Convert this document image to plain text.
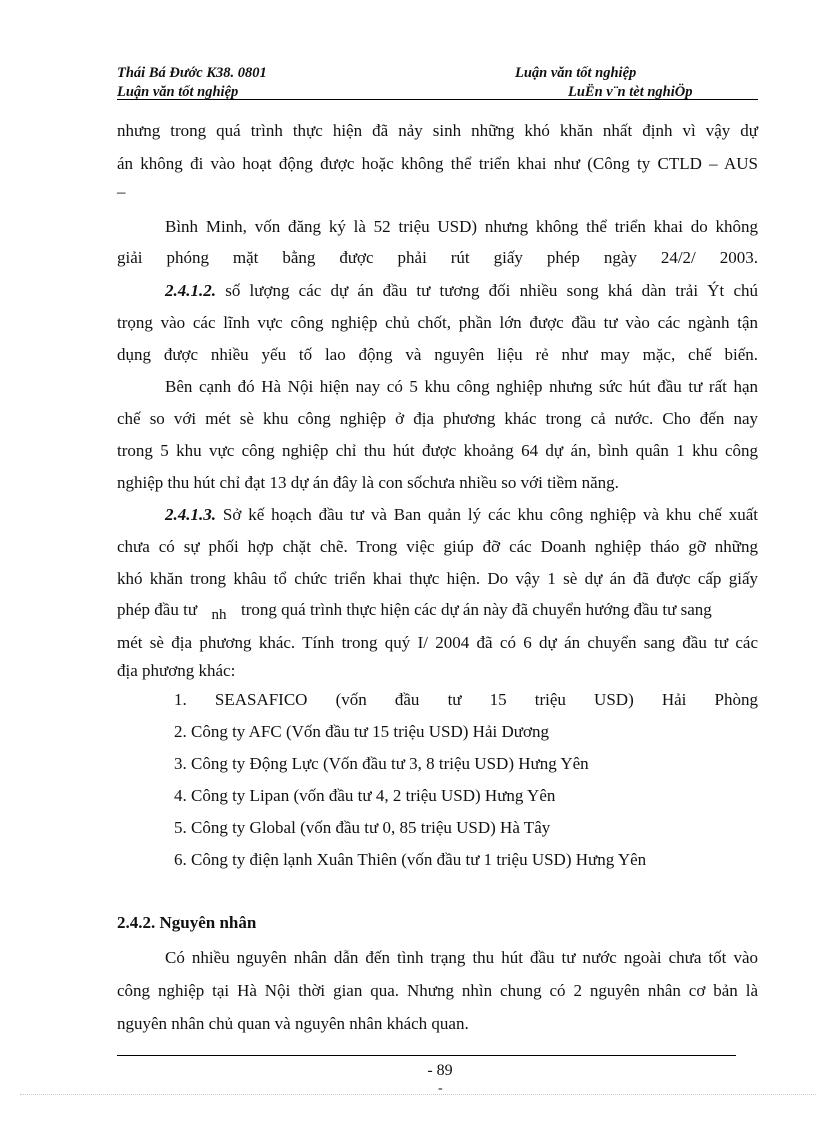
Thái Bá Đước K38. 0801
Luận văn tốt nghiệp
Luận văn tốt nghiệp
LuËn v¨n tèt nghiÖp
nhưng trong quá trình thực hiện đã nảy sinh những khó khăn nhất định vì vậy dự
án không đi vào hoạt động được hoặc không thể triển khai như (Công ty CTLD – AUS
–
Bình Minh, vốn đăng ký là 52 triệu USD) nhưng không thể triển khai do không
giải phóng mặt bằng được phải rút giấy phép ngày 24/2/ 2003.
2.4.1.2. số lượng các dự án đầu tư tương đối nhiều song khá dàn trải Ýt chú
trọng vào các lĩnh vực công nghiệp chủ chốt, phần lớn được đầu tư vào các ngành tận
dụng được nhiều yếu tố lao động và nguyên liệu rẻ như may mặc, chế biến.
Bên cạnh đó Hà Nội hiện nay có 5 khu công nghiệp nhưng sức hút đầu tư rất hạn
chế so với mét sè khu công nghiệp ở địa phương khác trong cả nước. Cho đến nay
trong 5 khu vực công nghiệp chỉ thu hút được khoảng 64 dự án, bình quân 1 khu công
nghiệp thu hút chỉ đạt 13 dự án đây là con sốchưa nhiều so với tiềm năng.
2.4.1.3. Sở kế hoạch đầu tư và Ban quản lý các khu công nghiệp và khu chế xuất
chưa có sự phối hợp chặt chẽ. Trong việc giúp đỡ các Doanh nghiệp tháo gỡ những
khó khăn trong khâu tổ chức triển khai thực hiện. Do vậy 1 sè dự án đã được cấp giấy
phép đầu tư nh trong quá trình thực hiện các dự án này đã chuyển hướng đầu tư sang
mét sè địa phương khác. Tính trong quý I/ 2004 đã có 6 dự án chuyển sang đầu tư các
địa phương khác:
1. SEASAFICO (vốn đầu tư 15 triệu USD) Hải Phòng
2. Công ty AFC (Vốn đầu tư 15 triệu USD) Hải Dương
3. Công ty Động Lực (Vốn đầu tư 3, 8 triệu USD) Hưng Yên
4. Công ty Lipan (vốn đầu tư 4, 2 triệu USD) Hưng Yên
5. Công ty Global (vốn đầu tư 0, 85 triệu USD) Hà Tây
6. Công ty điện lạnh Xuân Thiên (vốn đầu tư 1 triệu USD) Hưng Yên
2.4.2. Nguyên nhân
Có nhiều nguyên nhân dẫn đến tình trạng thu hút đầu tư nước ngoài chưa tốt vào
công nghiệp tại Hà Nội thời gian qua. Nhưng nhìn chung có 2 nguyên nhân cơ bản là
nguyên nhân chủ quan và nguyên nhân khách quan.
- 89
-
